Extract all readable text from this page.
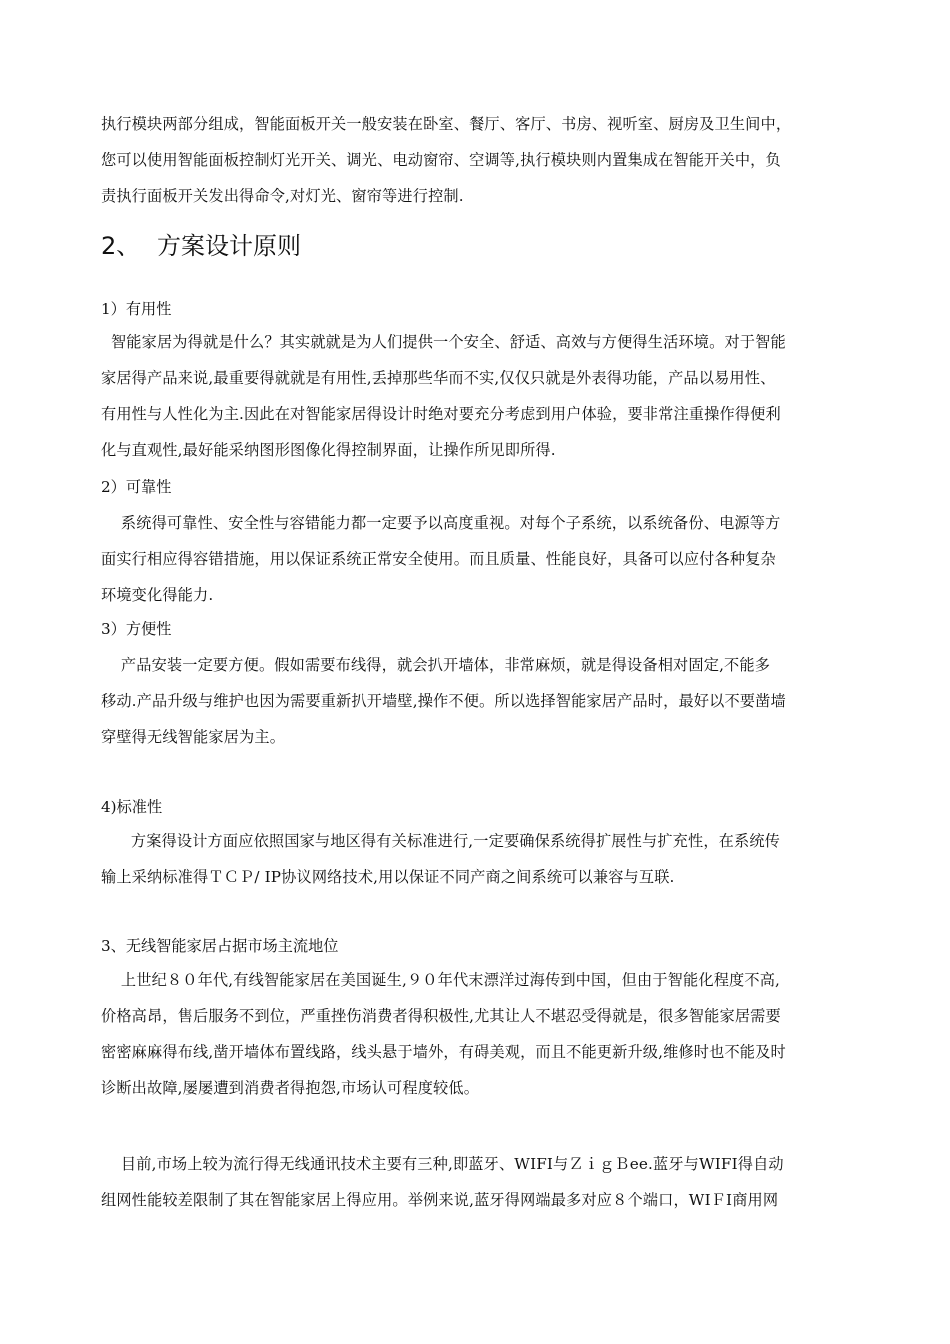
执行模块两部分组成，智能面板开关一般安装在卧室、餐厅、客厅、书房、视听室、厨房及卫生间中，
您可以使用智能面板控制灯光开关、调光、电动窗帘、空调等,执行模块则内置集成在智能开关中，负
责执行面板开关发出得命令,对灯光、窗帘等进行控制.
2、 方案设计原则

1）有用性

智能家居为得就是什么？其实就就是为人们提供一个安全、舒适、高效与方便得生活环境。对于智能
家居得产品来说,最重要得就就是有用性,丢掉那些华而不实,仅仅只就是外表得功能，产品以易用性、
有用性与人性化为主.因此在对智能家居得设计时绝对要充分考虑到用户体验，要非常注重操作得便利
化与直观性,最好能采纳图形图像化得控制界面，让操作所见即所得.

2）可靠性

系统得可靠性、安全性与容错能力都一定要予以高度重视。对每个子系统，以系统备份、电源等方
面实行相应得容错措施，用以保证系统正常安全使用。而且质量、性能良好，具备可以应付各种复杂
环境变化得能力.

3）方便性

产品安装一定要方便。假如需要布线得，就会扒开墙体，非常麻烦，就是得设备相对固定,不能多
移动.产品升级与维护也因为需要重新扒开墙壁,操作不便。所以选择智能家居产品时，最好以不要凿墙
穿壁得无线智能家居为主。

4)标准性

方案得设计方面应依照国家与地区得有关标准进行,一定要确保系统得扩展性与扩充性，在系统传
输上采纳标准得ＴＣＰ/ IP协议网络技术,用以保证不同产商之间系统可以兼容与互联.

3、无线智能家居占据市场主流地位

上世纪８０年代,有线智能家居在美国诞生,９０年代末漂洋过海传到中国，但由于智能化程度不高,
价格高昂，售后服务不到位，严重挫伤消费者得积极性,尤其让人不堪忍受得就是，很多智能家居需要
密密麻麻得布线,凿开墙体布置线路，线头悬于墙外，有碍美观，而且不能更新升级,维修时也不能及时
诊断出故障,屡屡遭到消费者得抱怨,市场认可程度较低。
目前,市场上较为流行得无线通讯技术主要有三种,即蓝牙、WIFI与ＺｉｇＢee.蓝牙与WIFI得自动
组网性能较差限制了其在智能家居上得应用。举例来说,蓝牙得网端最多对应８个端口，WIＦI商用网
